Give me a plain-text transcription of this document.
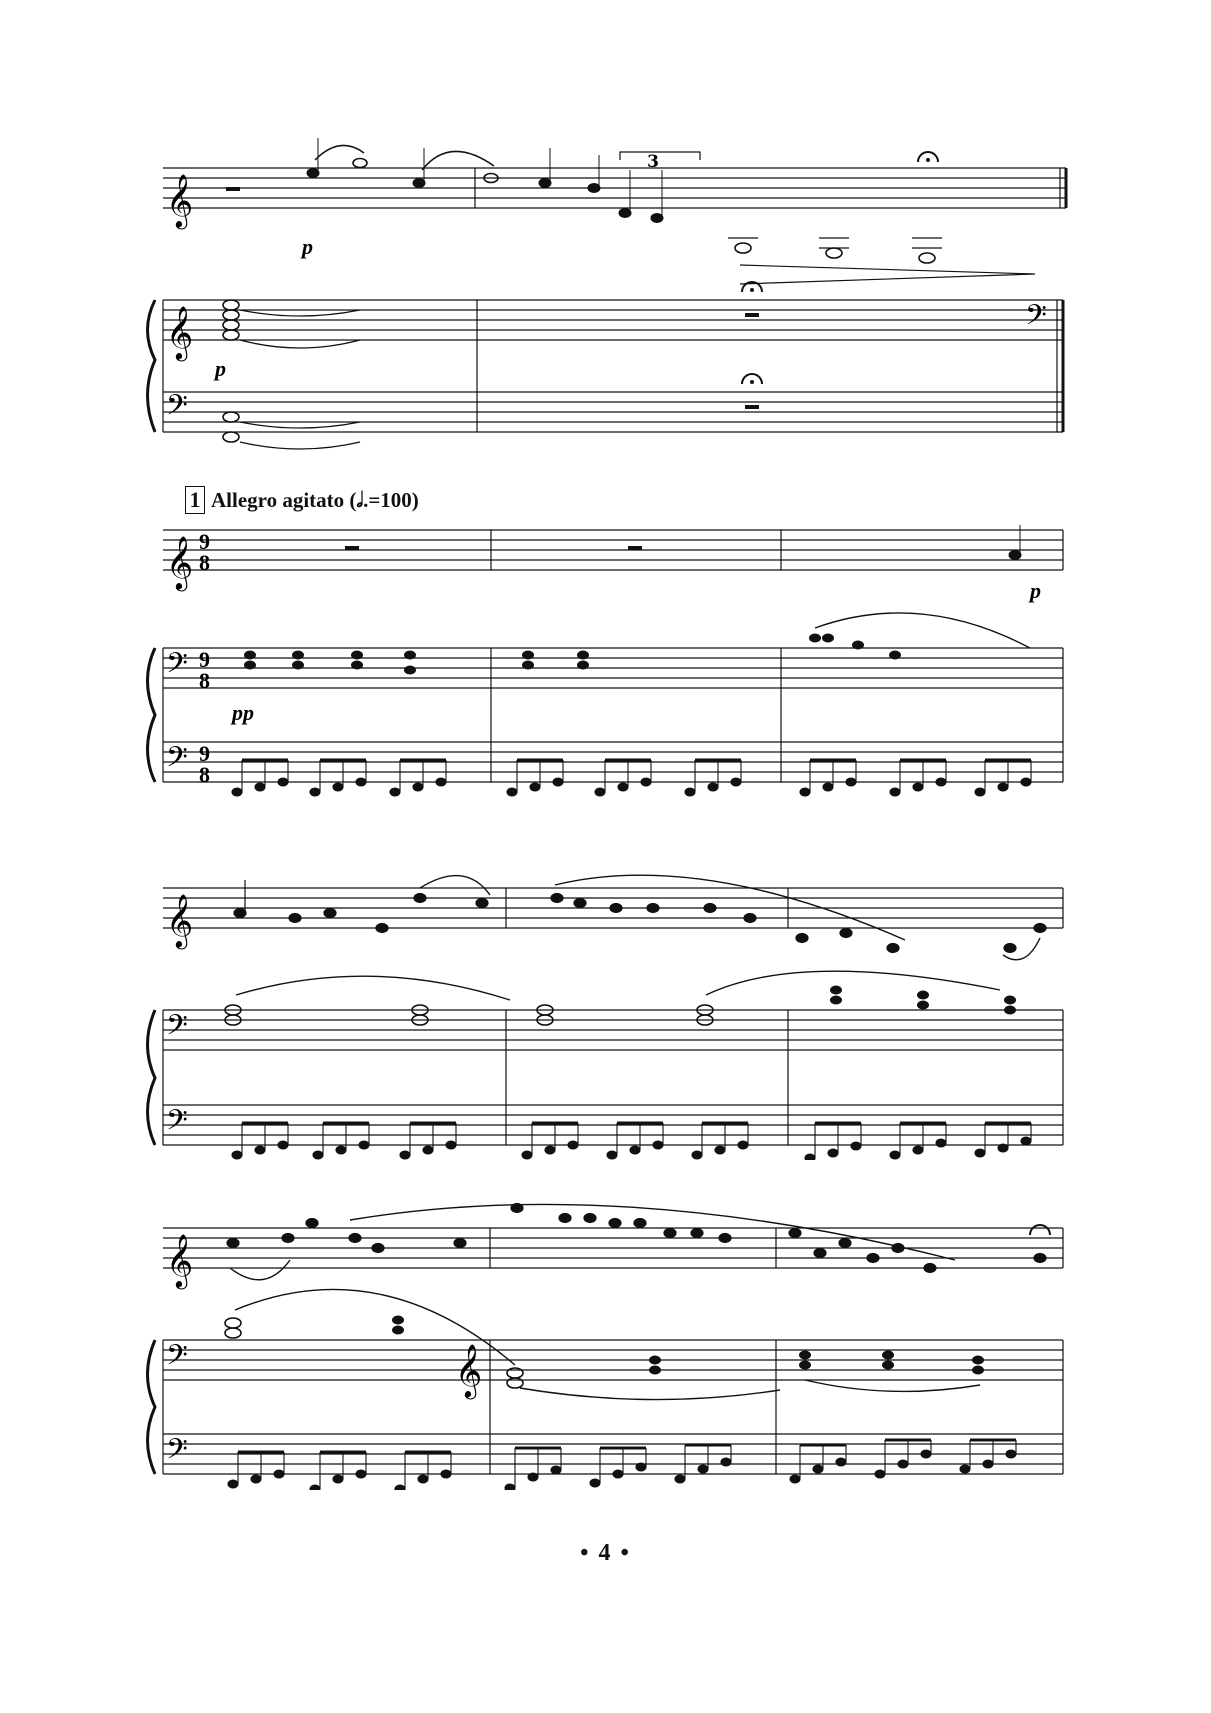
𝄞
3
p
𝄞
𝄢
𝄢
p
1 Allegro agitato (𝅗𝅥.=100)
𝄞 9
8
p
𝄢
𝄢
9
8
9
8
pp
𝄞
𝄢
𝄢
𝄞
𝄢
𝄢
𝄞
• 4 •
